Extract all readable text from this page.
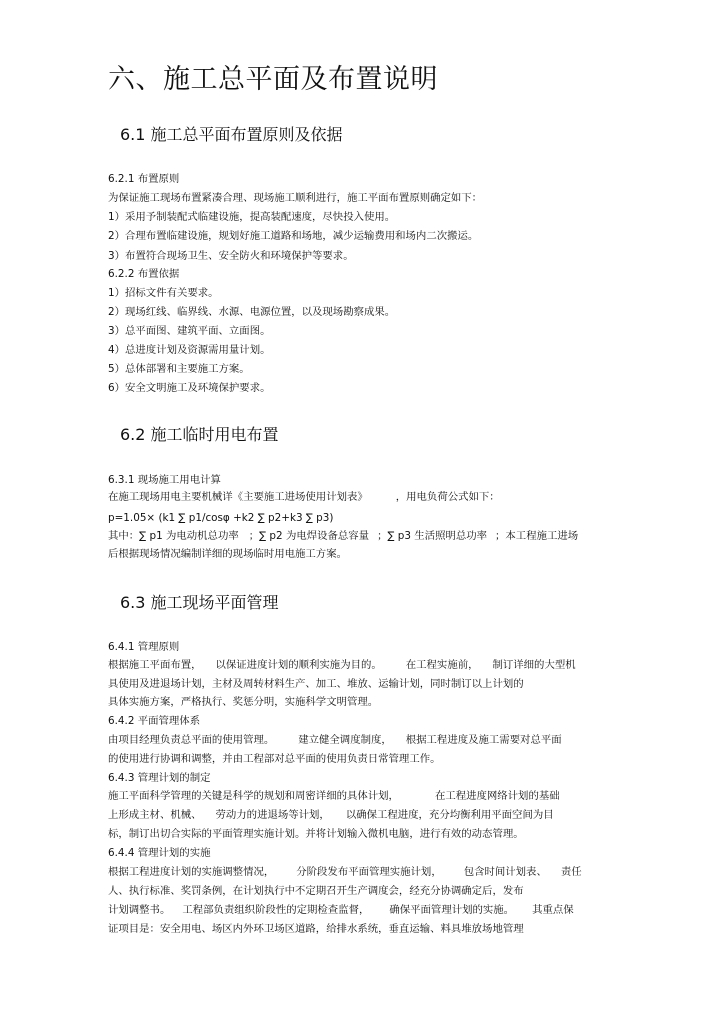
六、施工总平面及布置说明
6.1 施工总平面布置原则及依据
6.2.1 布置原则
为保证施工现场布置紧凑合理、现场施工顺利进行，施工平面布置原则确定如下：
1）采用予制装配式临建设施，提高装配速度，尽快投入使用。
2）合理布置临建设施，规划好施工道路和场地，减少运输费用和场内二次搬运。
3）布置符合现场卫生、安全防火和环境保护等要求。
6.2.2 布置依据
1）招标文件有关要求。
2）现场红线、临界线、水源、电源位置，以及现场勘察成果。
3）总平面图、建筑平面、立面图。
4）总进度计划及资源需用量计划。
5）总体部署和主要施工方案。
6）安全文明施工及环境保护要求。
6.2 施工临时用电布置
6.3.1 现场施工用电计算
在施工现场用电主要机械详《主要施工进场使用计划表》	，用电负荷公式如下：
p=1.05× (k1 ∑ p1/cosφ +k2 ∑ p2+k3 ∑ p3)
其中：∑ p1 为电动机总功率 ；∑ p2 为电焊设备总容量 ；∑ p3 生活照明总功率 ；本工程施工进场
后根据现场情况编制详细的现场临时用电施工方案。
6.3 施工现场平面管理
6.4.1 管理原则
根据施工平面布置， 以保证进度计划的顺利实施为目的。 在工程实施前， 制订详细的大型机
具使用及进退场计划，主材及周转材料生产、加工、堆放、运输计划，同时制订以上计划的
具体实施方案，严格执行、奖惩分明，实施科学文明管理。
6.4.2 平面管理体系
由项目经理负责总平面的使用管理。 建立健全调度制度， 根据工程进度及施工需要对总平面
的使用进行协调和调整，并由工程部对总平面的使用负责日常管理工作。
6.4.3 管理计划的制定
施工平面科学管理的关键是科学的规划和周密详细的具体计划，	在工程进度网络计划的基础
上形成主材、机械、 劳动力的进退场等计划， 以确保工程进度，充分均衡利用平面空间为目
标，制订出切合实际的平面管理实施计划。并将计划输入微机电脑，进行有效的动态管理。
6.4.4 管理计划的实施
根据工程进度计划的实施调整情况， 分阶段发布平面管理实施计划， 包含时间计划表、 责任
人、执行标准、奖罚条例，在计划执行中不定期召开生产调度会，经充分协调确定后，发布
计划调整书。 工程部负责组织阶段性的定期检查监督， 确保平面管理计划的实施。 其重点保
证项目是：安全用电、场区内外环卫场区道路，给排水系统，垂直运输、料具堆放场地管理
